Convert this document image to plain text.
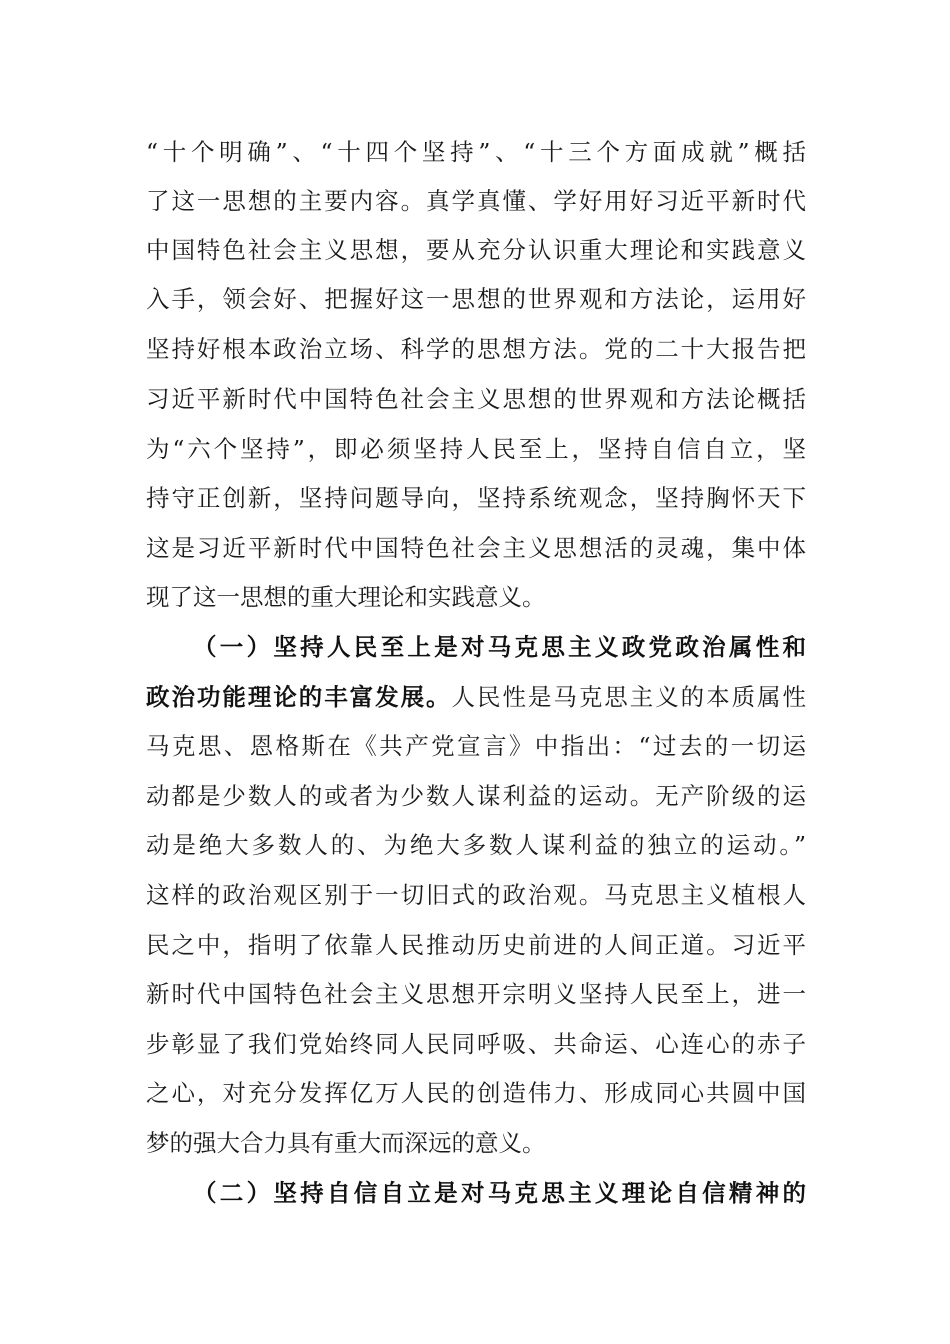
“十个明确”、“十四个坚持”、“十三个方面成就”概括
了这一思想的主要内容。真学真懂、学好用好习近平新时代
中国特色社会主义思想，要从充分认识重大理论和实践意义
入手，领会好、把握好这一思想的世界观和方法论，运用好
坚持好根本政治立场、科学的思想方法。党的二十大报告把
习近平新时代中国特色社会主义思想的世界观和方法论概括
为“六个坚持”，即必须坚持人民至上，坚持自信自立，坚
持守正创新，坚持问题导向，坚持系统观念，坚持胸怀天下
这是习近平新时代中国特色社会主义思想活的灵魂，集中体
现了这一思想的重大理论和实践意义。
（一）坚持人民至上是对马克思主义政党政治属性和
政治功能理论的丰富发展。人民性是马克思主义的本质属性
马克思、恩格斯在《共产党宣言》中指出：“过去的一切运
动都是少数人的或者为少数人谋利益的运动。无产阶级的运
动是绝大多数人的、为绝大多数人谋利益的独立的运动。”
这样的政治观区别于一切旧式的政治观。马克思主义植根人
民之中，指明了依靠人民推动历史前进的人间正道。习近平
新时代中国特色社会主义思想开宗明义坚持人民至上，进一
步彰显了我们党始终同人民同呼吸、共命运、心连心的赤子
之心，对充分发挥亿万人民的创造伟力、形成同心共圆中国
梦的强大合力具有重大而深远的意义。
（二）坚持自信自立是对马克思主义理论自信精神的
